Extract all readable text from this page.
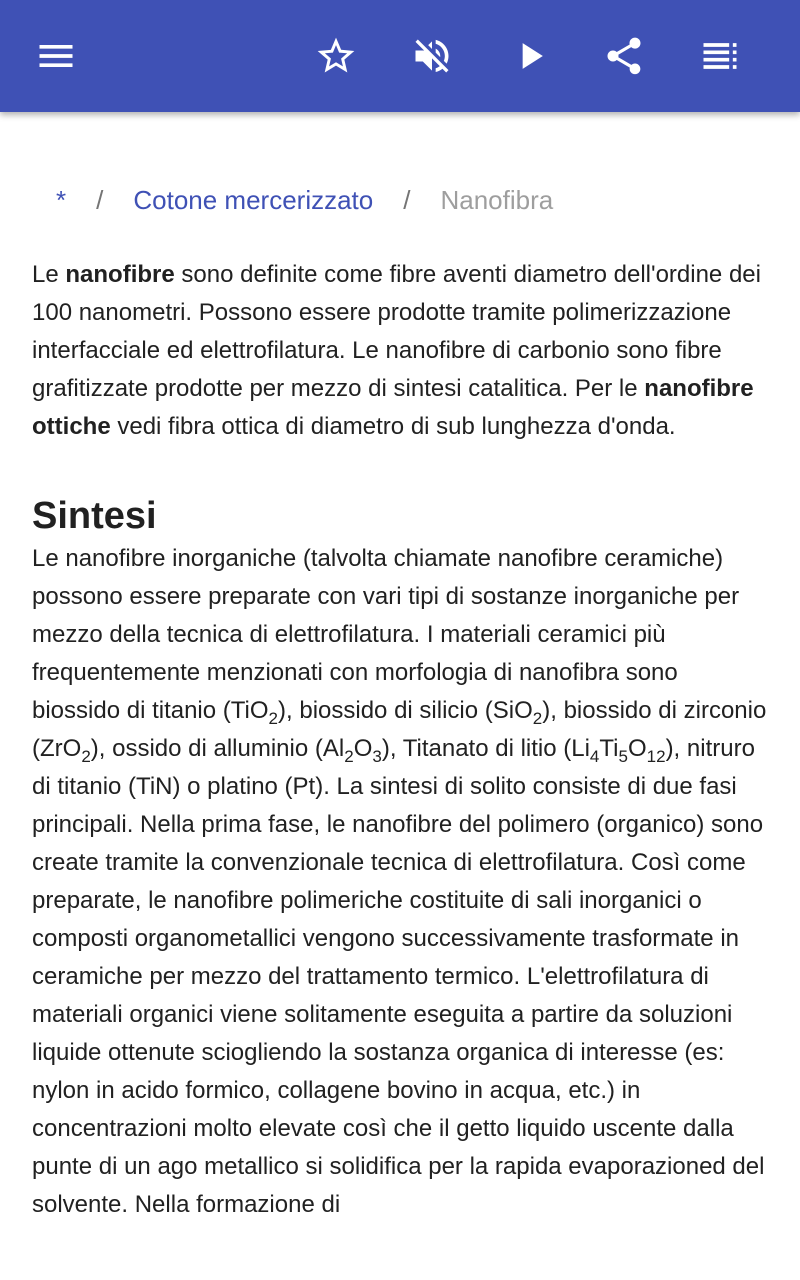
* / Cotone mercerizzato / Nanofibra

Le nanofibre sono definite come fibre aventi diametro dell'ordine dei 100 nanometri. Possono essere prodotte tramite polimerizzazione interfacciale ed elettrofilatura. Le nanofibre di carbonio sono fibre grafitizzate prodotte per mezzo di sintesi catalitica. Per le nanofibre ottiche vedi fibra ottica di diametro di sub lunghezza d'onda.

Sintesi

Le nanofibre inorganiche (talvolta chiamate nanofibre ceramiche) possono essere preparate con vari tipi di sostanze inorganiche per mezzo della tecnica di elettrofilatura. I materiali ceramici più frequentemente menzionati con morfologia di nanofibra sono biossido di titanio (TiO$_2$), biossido di silicio (SiO$_2$), biossido di zirconio (ZrO$_2$), ossido di alluminio $(Al_2O_3)$, Titanato di litio $(Li_4Ti_5O_{12})$, nitruro di titanio (TiN) o platino (Pt). La sintesi di solito consiste di due fasi principali. Nella prima fase, le nanofibre del polimero (organico) sono create tramite la convenzionale tecnica di elettrofilatura. Così come preparate, le nanofibre polimeriche costituite di sali inorganici o composti organometallici vengono successivamente trasformate in ceramiche per mezzo del trattamento termico. L'elettrofilatura di materiali organici viene solitamente eseguita a partire da soluzioni liquide ottenute sciogliendo la sostanza organica di interesse (es: nylon in acido formico, collagene bovino in acqua, etc.) in concentrazioni molto elevate così che il getto liquido uscente dalla punte di un ago metallico si solidifica per la rapida evaporazioned del solvente. Nella formazione di
